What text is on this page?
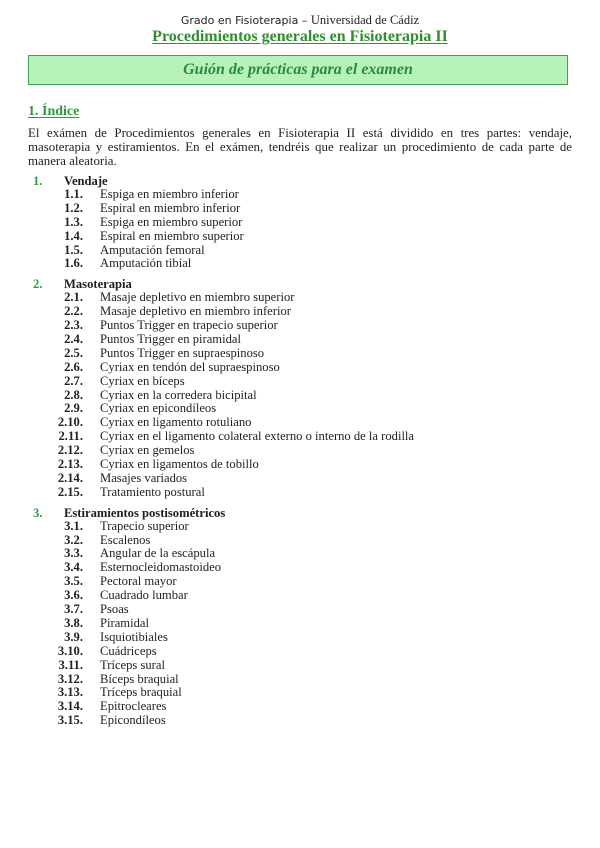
Grado en Fisioterapia – Universidad de Cádiz
Procedimientos generales en Fisioterapia II
Guión de prácticas para el examen
1. Índice
El exámen de Procedimientos generales en Fisioterapia II está dividido en tres partes: vendaje, masoterapia y estiramientos. En el exámen, tendréis que realizar un procedimiento de cada parte de manera aleatoria.
1.	Vendaje
1.1. Espiga en miembro inferior
1.2. Espiral en miembro inferior
1.3. Espiga en miembro superior
1.4. Espiral en miembro superior
1.5. Amputación femoral
1.6. Amputación tibial
2.	Masoterapia
2.1. Masaje depletivo en miembro superior
2.2. Masaje depletivo en miembro inferior
2.3. Puntos Trigger en trapecio superior
2.4. Puntos Trigger en piramidal
2.5. Puntos Trigger en supraespinoso
2.6. Cyriax en tendón del supraespinoso
2.7. Cyriax en bíceps
2.8. Cyriax en la corredera bicipital
2.9. Cyriax en epicondíleos
2.10. Cyriax en ligamento rotuliano
2.11. Cyriax en el ligamento colateral externo o interno de la rodilla
2.12. Cyriax en gemelos
2.13. Cyriax en ligamentos de tobillo
2.14. Masajes variados
2.15. Tratamiento postural
3.	Estiramientos postisométricos
3.1. Trapecio superior
3.2. Escalenos
3.3. Angular de la escápula
3.4. Esternocleidomastoideo
3.5. Pectoral mayor
3.6. Cuadrado lumbar
3.7. Psoas
3.8. Piramidal
3.9. Isquiotibiales
3.10. Cuádriceps
3.11. Tríceps sural
3.12. Bíceps braquial
3.13. Tríceps braquial
3.14. Epitrocleares
3.15. Epicondíleos
